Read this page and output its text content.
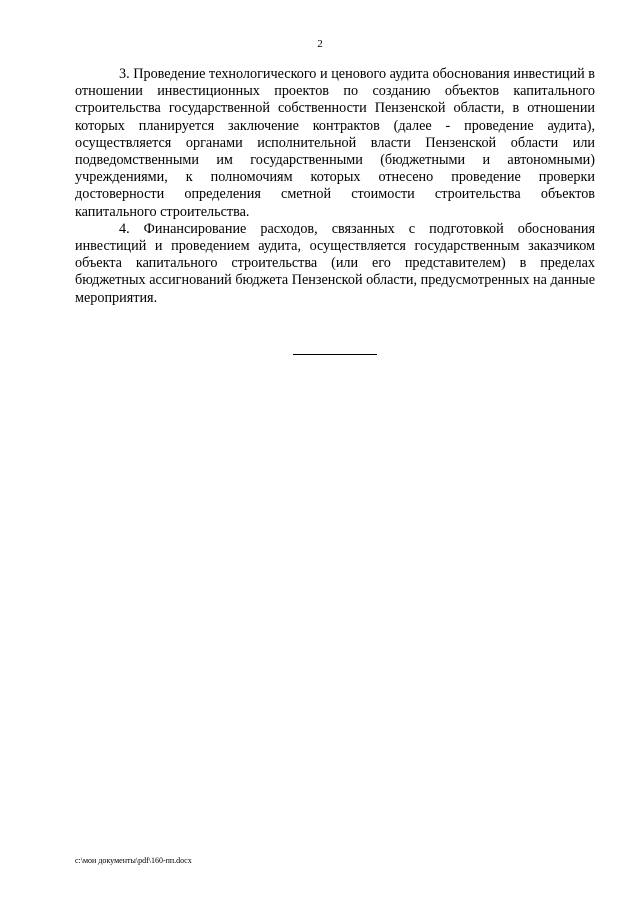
2

3. Проведение технологического и ценового аудита обоснования инвестиций в отношении инвестиционных проектов по созданию объектов капитального строительства государственной собственности Пензенской области, в отношении которых планируется заключение контрактов (далее - проведение аудита), осуществляется органами исполнительной власти Пензенской области или подведомственными им государственными (бюджетными и автономными) учреждениями, к полномочиям которых отнесено проведение проверки достоверности определения сметной стоимости строительства объектов капитального строительства.

4. Финансирование расходов, связанных с подготовкой обоснования инвестиций и проведением аудита, осуществляется государственным заказчиком объекта капитального строительства (или его представителем) в пределах бюджетных ассигнований бюджета Пензенской области, предусмотренных на данные мероприятия.

c:\мои документы\pdf\160-пп.docx
